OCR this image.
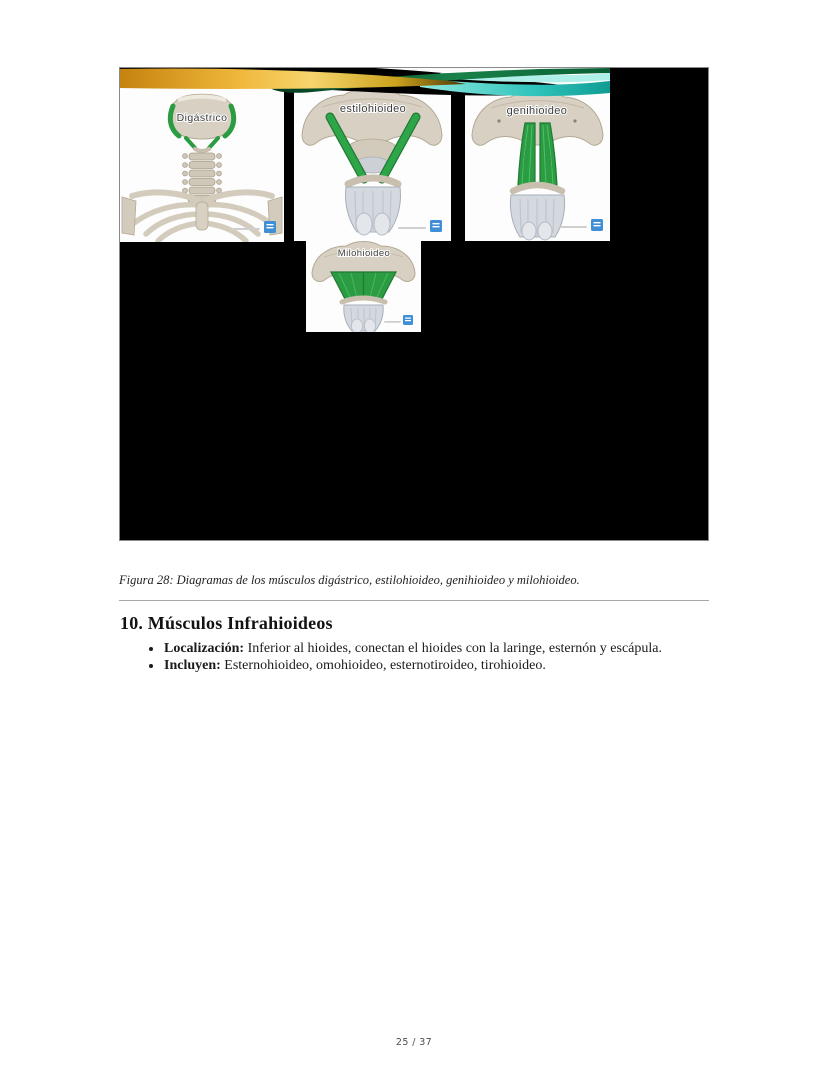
Digástrico
estilohioideo	genihioideo
Milohioideo
Figura 28: Diagramas de los músculos digástrico, estilohioideo, genihioideo y milohioideo.
10. Músculos Infrahioideos
• Localización: Inferior al hioides, conectan el hioides con la laringe, esternón y escápula.
• Incluyen: Esternohioideo, omohioideo, esternotiroideo, tirohioideo.
25 / 37
